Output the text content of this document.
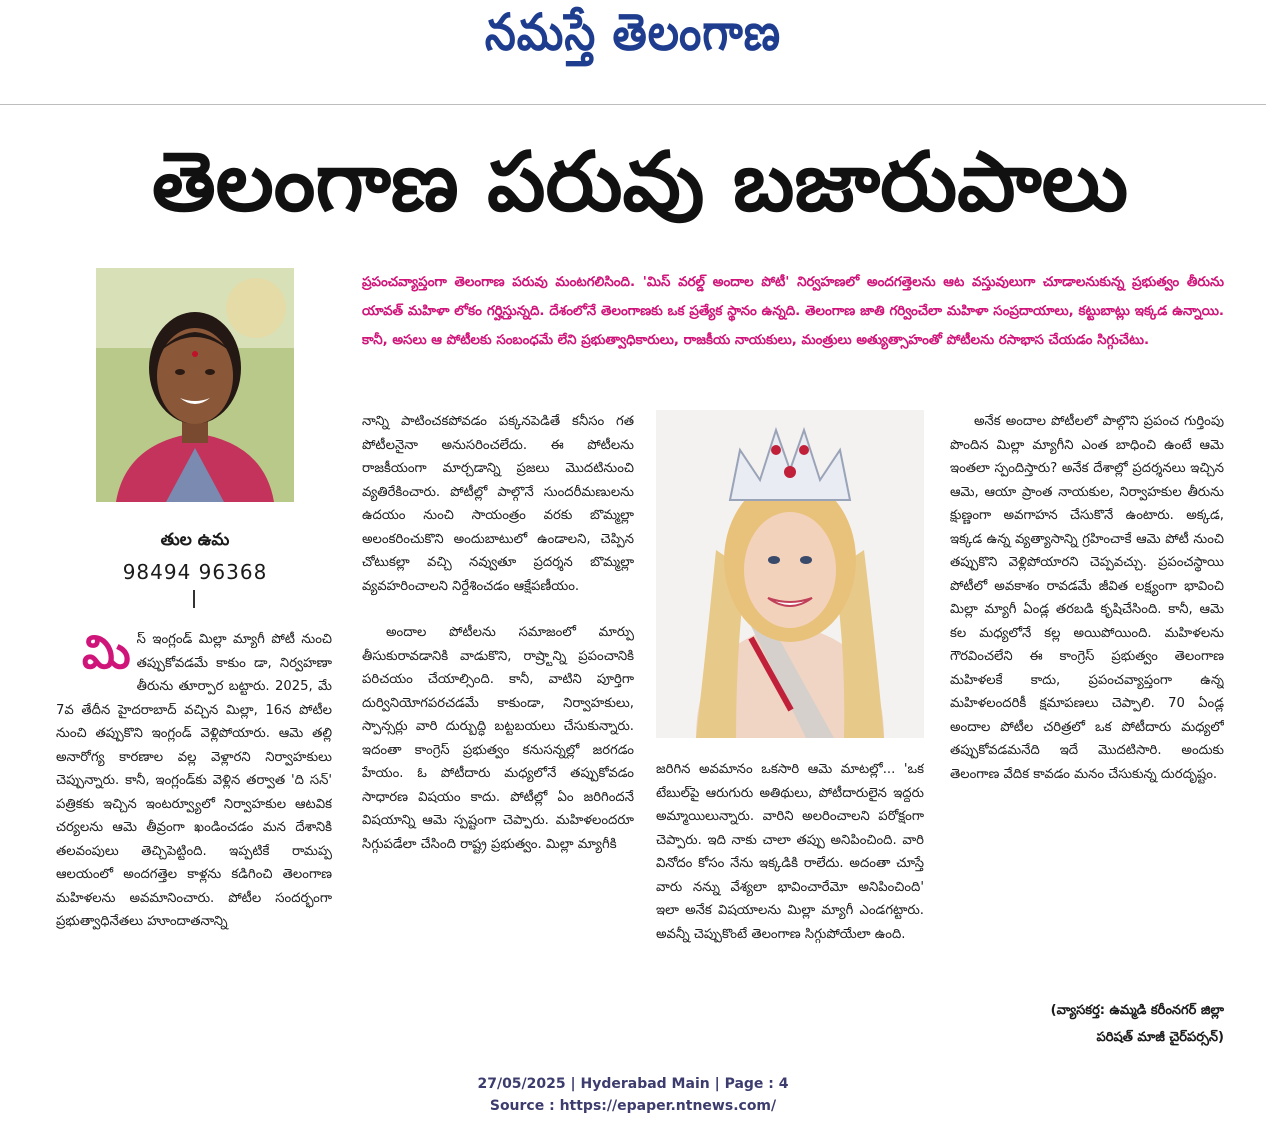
నమస్తే తెలంగాణ
తెలంగాణ పరువు బజారుపాలు
తుల ఉమ
98494 96368
ప్రపంచవ్యాప్తంగా తెలంగాణ పరువు మంటగలిసింది. 'మిస్ వరల్డ్ అందాల పోటీ' నిర్వహణలో అందగత్తెలను ఆట వస్తువులుగా చూడాలనుకున్న ప్రభుత్వం తీరును యావత్ మహిళా లోకం గర్హిస్తున్నది. దేశంలోనే తెలంగాణకు ఒక ప్రత్యేక స్థానం ఉన్నది. తెలంగాణ జాతి గర్వించేలా మహిళా సంప్రదాయాలు, కట్టుబాట్లు ఇక్కడ ఉన్నాయి. కానీ, అసలు ఆ పోటీలకు సంబంధమే లేని ప్రభుత్వాధికారులు, రాజకీయ నాయకులు, మంత్రులు అత్యుత్సాహంతో పోటీలను రసాభాస చేయడం సిగ్గుచేటు.
మి స్ ఇంగ్లండ్ మిల్లా మ్యాగీ పోటీ నుంచి తప్పుకోవడమే కాకుం డా, నిర్వహణా తీరును తూర్పార బట్టారు. 2025, మే 7వ తేదీన హైదరాబాద్ వచ్చిన మిల్లా, 16న పోటీల నుంచి తప్పుకొని ఇంగ్లండ్ వెళ్లిపోయారు. ఆమె తల్లి అనారోగ్య కారణాల వల్ల వెళ్లారని నిర్వాహకులు చెప్పున్నారు. కానీ, ఇంగ్లండ్‌కు వెళ్లిన తర్వాత 'ది సన్' పత్రికకు ఇచ్చిన ఇంటర్వ్యూలో నిర్వాహకుల ఆటవిక చర్యలను ఆమె తీవ్రంగా ఖండించడం మన దేశానికి తలవంపులు తెచ్చిపెట్టింది. ఇప్పటికే రామప్ప ఆలయంలో అందగత్తెల కాళ్లను కడిగించి తెలంగాణ మహిళలను అవమానించారు. పోటీల సందర్భంగా ప్రభుత్వాధినేతలు హూందాతనాన్ని

నాన్ని పాటించకపోవడం పక్కనపెడితే కనీసం గత పోటీలనైనా అనుసరించలేదు. ఈ పోటీలను రాజకీయంగా మార్చడాన్ని ప్రజలు మొదటినుంచి వ్యతిరేకించారు. పోటీల్లో పాల్గొనే సుందరీమణులను ఉదయం నుంచి సాయంత్రం వరకు బొమ్మల్లా అలంకరించుకొని అందుబాటులో ఉండాలని, చెప్పిన చోటుకల్లా వచ్చి నవ్వుతూ ప్రదర్శన బొమ్మల్లా వ్యవహరించాలని నిర్దేశించడం ఆక్షేపణీయం.

అందాల పోటీలను సమాజంలో మార్పు తీసుకురావడానికి వాడుకొని, రాష్ర్టాన్ని ప్రపంచానికి పరిచయం చేయాల్సింది. కానీ, వాటిని పూర్తిగా దుర్వినియోగపరచడమే కాకుండా, నిర్వాహకులు, స్పాన్సర్లు వారి దుర్బుద్ధి బట్టబయలు చేసుకున్నారు. ఇదంతా కాంగ్రెస్ ప్రభుత్వం కనుసన్నల్లో జరగడం హేయం. ఓ పోటీదారు మధ్యలోనే తప్పుకోవడం సాధారణ విషయం కాదు. పోటీల్లో ఏం జరిగిందనే విషయాన్ని ఆమె స్పష్టంగా చెప్పారు. మహిళలందరూ సిగ్గుపడేలా చేసింది రాష్ట్ర ప్రభుత్వం. మిల్లా మ్యాగీకి

జరిగిన అవమానం ఒకసారి ఆమె మాటల్లో... 'ఒక టేబుల్‌పై ఆరుగురు అతిథులు, పోటీదారులైన ఇద్దరు అమ్మాయిలున్నారు. వారిని అలరించాలని పరోక్షంగా చెప్పారు. ఇది నాకు చాలా తప్పు అనిపించింది. వారి వినోదం కోసం నేను ఇక్కడికి రాలేదు. అదంతా చూస్తే వారు నన్ను వేశ్యలా భావించారేమో అనిపించింది' ఇలా అనేక విషయాలను మిల్లా మ్యాగీ ఎండగట్టారు. అవన్నీ చెప్పుకొంటే తెలంగాణ సిగ్గుపోయేలా ఉంది.

అనేక అందాల పోటీలలో పాల్గొని ప్రపంచ గుర్తింపు పొందిన మిల్లా మ్యాగీని ఎంత బాధించి ఉంటే ఆమె ఇంతలా స్పందిస్తారు? అనేక దేశాల్లో ప్రదర్శనలు ఇచ్చిన ఆమె, ఆయా ప్రాంత నాయకుల, నిర్వాహకుల తీరును క్షుణ్ణంగా అవగాహన చేసుకొనే ఉంటారు. అక్కడ, ఇక్కడ ఉన్న వ్యత్యాసాన్ని గ్రహించాకే ఆమె పోటీ నుంచి తప్పుకొని వెళ్లిపోయారని చెప్పవచ్చు. ప్రపంచస్థాయి పోటీలో అవకాశం రావడమే జీవిత లక్ష్యంగా భావించి మిల్లా మ్యాగీ ఏండ్ల తరబడి కృషిచేసింది. కానీ, ఆమె కల మధ్యలోనే కల్ల అయిపోయింది. మహిళలను గౌరవించలేని ఈ కాంగ్రెస్ ప్రభుత్వం తెలంగాణ మహిళలకే కాదు, ప్రపంచవ్యాప్తంగా ఉన్న మహిళలందరికీ క్షమాపణలు చెప్పాలి. 70 ఏండ్ల అందాల పోటీల చరిత్రలో ఒక పోటీదారు మధ్యలో తప్పుకోవడమనేది ఇదే మొదటిసారి. అందుకు తెలంగాణ వేదిక కావడం మనం చేసుకున్న దురదృష్టం.

(వ్యాసకర్త: ఉమ్మడి కరీంనగర్ జిల్లా
పరిషత్ మాజీ చైర్‌పర్సన్)
27/05/2025 | Hyderabad Main | Page : 4
Source : https://epaper.ntnews.com/
